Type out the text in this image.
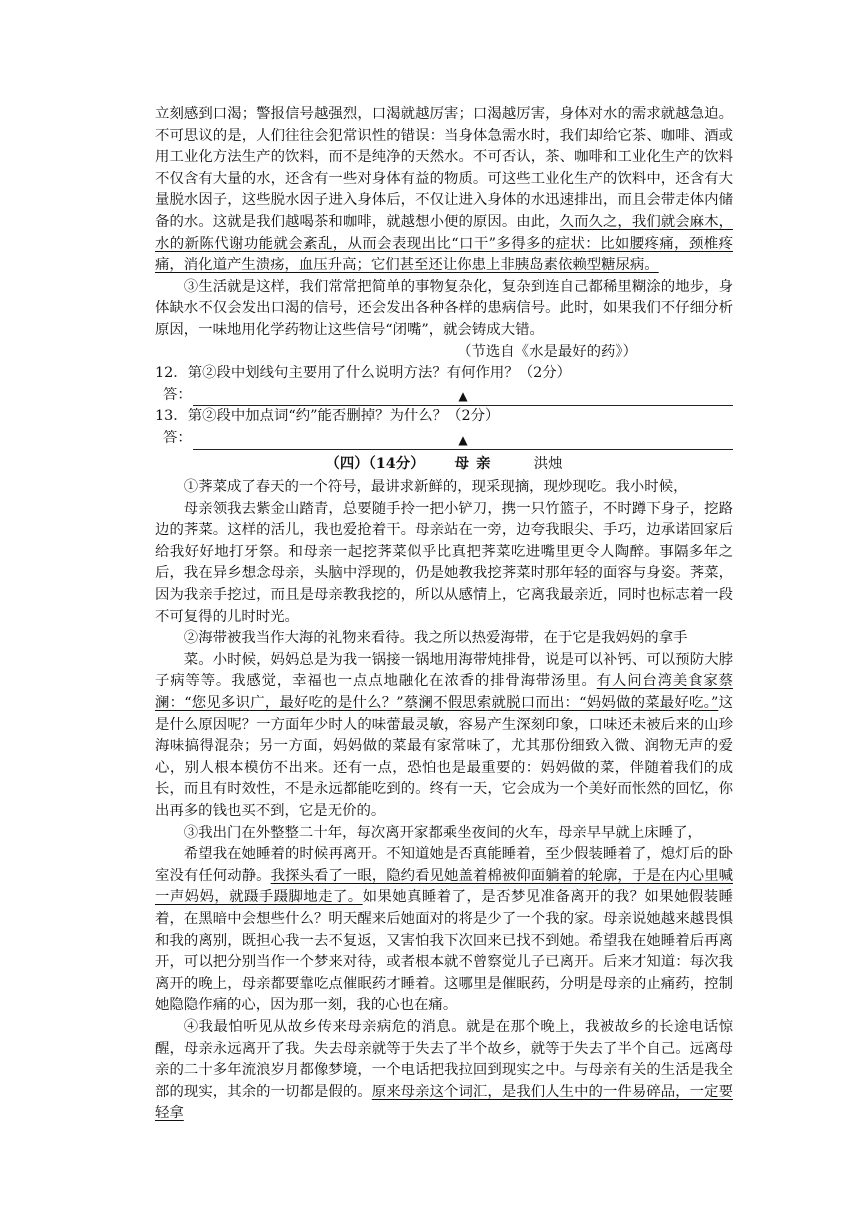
立刻感到口渴；警报信号越强烈，口渴就越厉害；口渴越厉害，身体对水的需求就越急迫。不可思议的是，人们往往会犯常识性的错误：当身体急需水时，我们却给它茶、咖啡、酒或用工业化方法生产的饮料，而不是纯净的天然水。不可否认，茶、咖啡和工业化生产的饮料不仅含有大量的水，还含有一些对身体有益的物质。可这些工业化生产的饮料中，还含有大量脱水因子，这些脱水因子进入身体后，不仅让进入身体的水迅速排出，而且会带走体内储备的水。这就是我们越喝茶和咖啡，就越想小便的原因。由此，久而久之，我们就会麻木，水的新陈代谢功能就会紊乱，从而会表现出比“口干”多得多的症状：比如腰疼痛，颈椎疼痛，消化道产生溃疡，血压升高；它们甚至还让你患上非胰岛素依赖型糖尿病。

③生活就是这样，我们常常把简单的事物复杂化，复杂到连自己都稀里糊涂的地步，身体缺水不仅会发出口渴的信号，还会发出各种各样的患病信号。此时，如果我们不仔细分析原因，一味地用化学药物让这些信号“闭嘴”，就会铸成大错。

（节选自《水是最好的药》）

12．第②段中划线句主要用了什么说明方法？有何作用？（2分）

答：	▲

13．第②段中加点词“约”能否删掉？为什么？（2分）

答：	▲
（四）（14分） 母亲	洪烛

①荠菜成了春天的一个符号，最讲求新鲜的，现采现摘，现炒现吃。我小时候，

母亲领我去紫金山踏青，总要随手拎一把小铲刀，携一只竹篮子，不时蹲下身子，挖路边的荠菜。这样的活儿，我也爱抢着干。母亲站在一旁，边夸我眼尖、手巧，边承诺回家后给我好好地打牙祭。和母亲一起挖荠菜似乎比真把荠菜吃进嘴里更令人陶醉。事隔多年之后，我在异乡想念母亲，头脑中浮现的，仍是她教我挖荠菜时那年轻的面容与身姿。荠菜，因为我亲手挖过，而且是母亲教我挖的，所以从感情上，它离我最亲近，同时也标志着一段不可复得的儿时时光。

②海带被我当作大海的礼物来看待。我之所以热爱海带，在于它是我妈妈的拿手

菜。小时候，妈妈总是为我一锅接一锅地用海带炖排骨，说是可以补钙、可以预防大脖子病等等。我感觉，幸福也一点点地融化在浓香的排骨海带汤里。有人问台湾美食家蔡澜：“您见多识广，最好吃的是什么？”蔡澜不假思索就脱口而出：“妈妈做的菜最好吃。”这是什么原因呢？一方面年少时人的味蕾最灵敏，容易产生深刻印象，口味还未被后来的山珍海味搞得混杂；另一方面，妈妈做的菜最有家常味了，尤其那份细致入微、润物无声的爱心，别人根本模仿不出来。还有一点，恐怕也是最重要的：妈妈做的菜，伴随着我们的成长，而且有时效性，不是永远都能吃到的。终有一天，它会成为一个美好而怅然的回忆，你出再多的钱也买不到，它是无价的。

③我出门在外整整二十年，每次离开家都乘坐夜间的火车，母亲早早就上床睡了，

希望我在她睡着的时候再离开。不知道她是否真能睡着，至少假装睡着了，熄灯后的卧室没有任何动静。我探头看了一眼，隐约看见她盖着棉被仰面躺着的轮廓，于是在内心里喊一声妈妈，就蹑手蹑脚地走了。如果她真睡着了，是否梦见准备离开的我？如果她假装睡着，在黑暗中会想些什么？明天醒来后她面对的将是少了一个我的家。母亲说她越来越畏惧和我的离别，既担心我一去不复返，又害怕我下次回来已找不到她。希望我在她睡着后再离开，可以把分别当作一个梦来对待，或者根本就不曾察觉儿子已离开。后来才知道：每次我离开的晚上，母亲都要靠吃点催眠药才睡着。这哪里是催眠药，分明是母亲的止痛药，控制她隐隐作痛的心，因为那一刻，我的心也在痛。

④我最怕听见从故乡传来母亲病危的消息。就是在那个晚上，我被故乡的长途电话惊醒，母亲永远离开了我。失去母亲就等于失去了半个故乡，就等于失去了半个自己。远离母亲的二十多年流浪岁月都像梦境，一个电话把我拉回到现实之中。与母亲有关的生活是我全部的现实，其余的一切都是假的。原来母亲这个词汇，是我们人生中的一件易碎品，一定要轻拿
